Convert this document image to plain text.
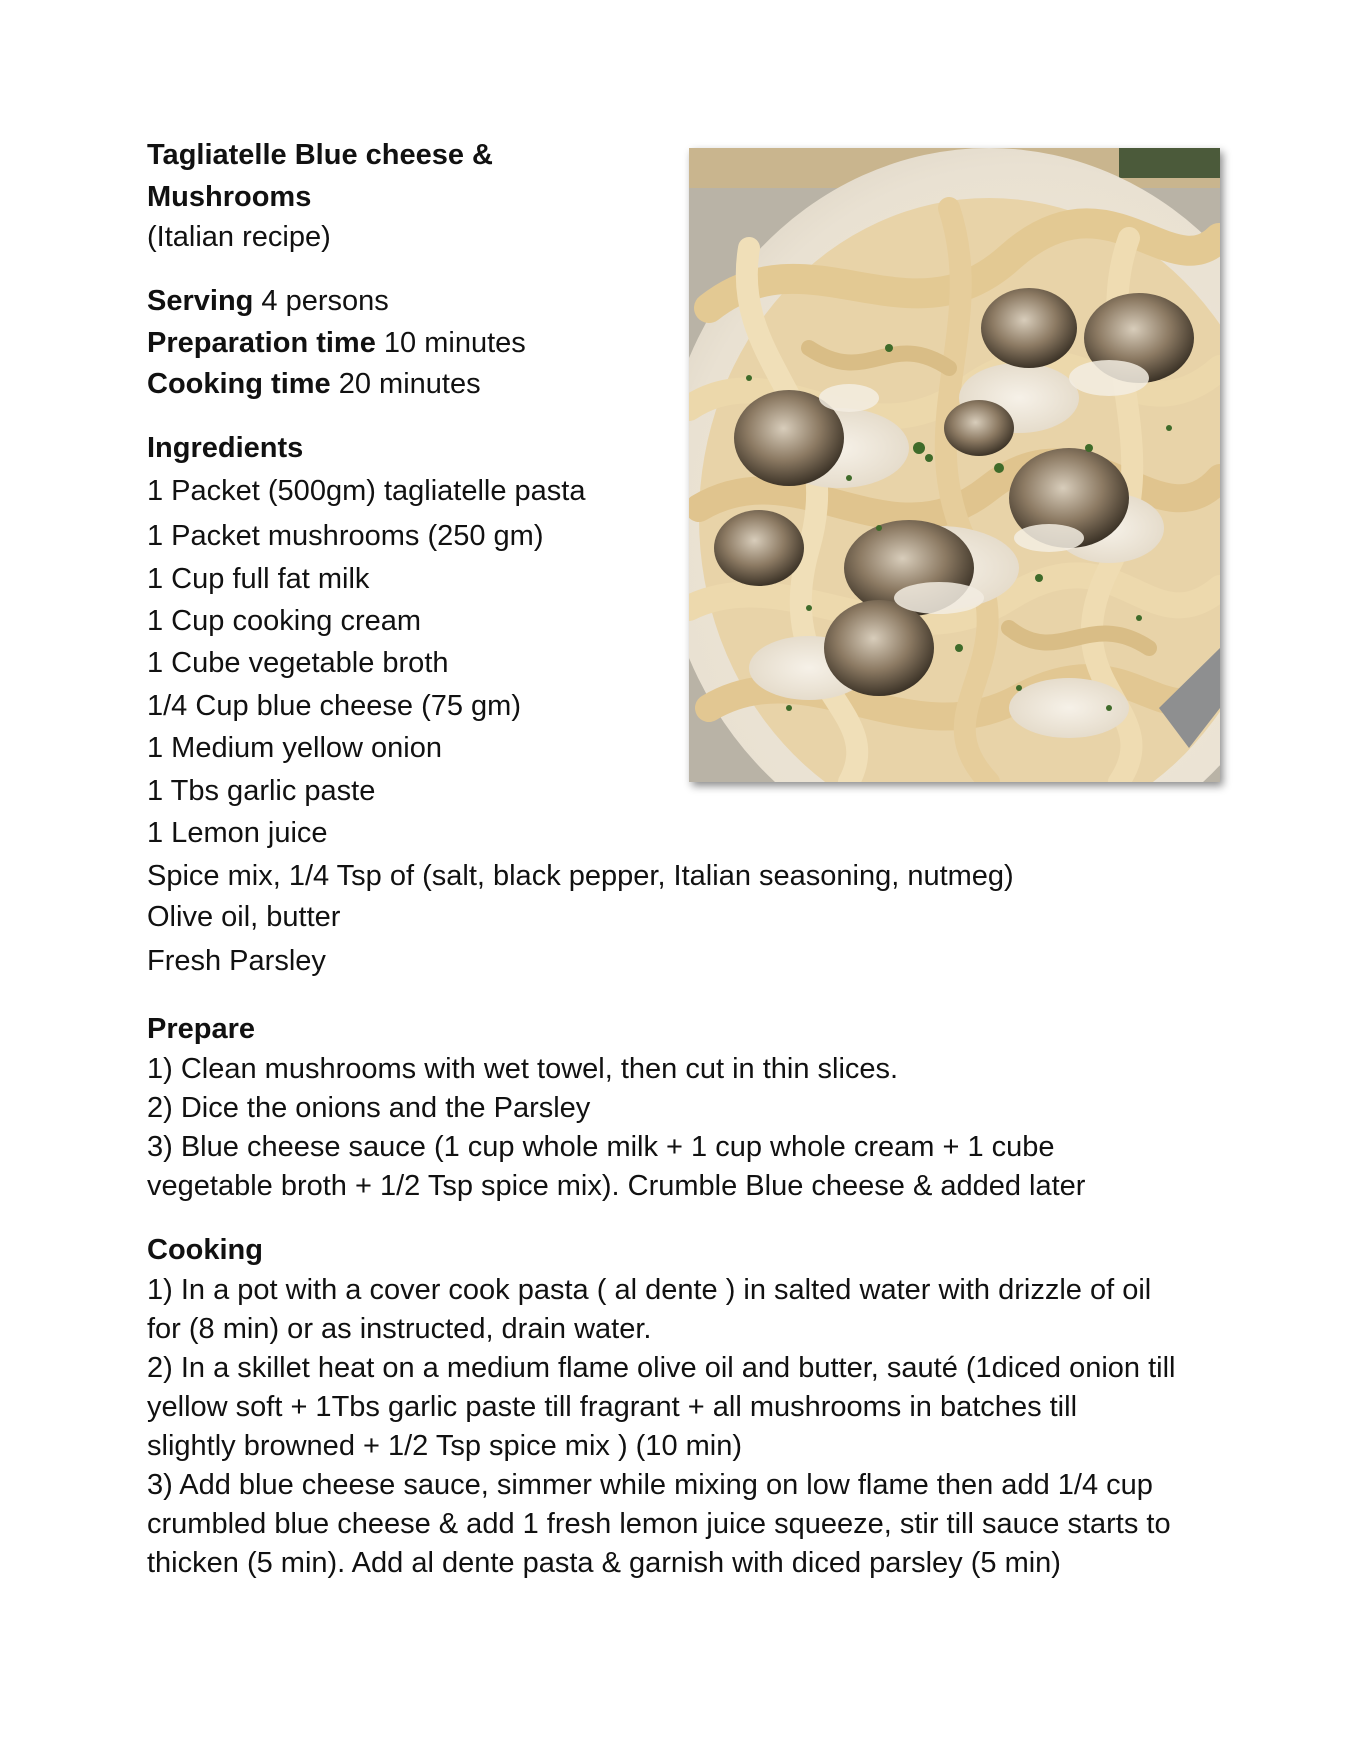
Tagliatelle Blue cheese &
Mushrooms
(Italian recipe)
Serving 4 persons
Preparation time 10 minutes
Cooking time 20 minutes
Ingredients
1 Packet (500gm) tagliatelle pasta
1 Packet mushrooms (250 gm)
1 Cup full fat milk
1 Cup cooking cream
1 Cube vegetable broth
1/4 Cup blue cheese (75 gm)
1 Medium yellow onion
1 Tbs garlic paste
1 Lemon juice
Spice mix, 1/4 Tsp of (salt, black pepper, Italian seasoning, nutmeg)
Olive oil, butter
Fresh Parsley
Prepare
1) Clean mushrooms with wet towel, then cut in thin slices.
2) Dice the onions and the Parsley
3) Blue cheese sauce (1 cup whole milk + 1 cup whole cream + 1 cube
vegetable broth + 1/2 Tsp spice mix). Crumble Blue cheese & added later
Cooking
1) In a pot with a cover cook pasta ( al dente ) in salted water with drizzle of oil
for (8 min) or as instructed, drain water.
2) In a skillet heat on a medium flame olive oil and butter, sauté (1diced onion till
yellow soft + 1Tbs garlic paste till fragrant + all mushrooms in batches till
slightly browned + 1/2 Tsp spice mix ) (10 min)
3) Add blue cheese sauce, simmer while mixing on low flame then add 1/4 cup
crumbled blue cheese & add 1 fresh lemon juice squeeze, stir till sauce starts to
thicken (5 min). Add al dente pasta & garnish with diced parsley (5 min)
